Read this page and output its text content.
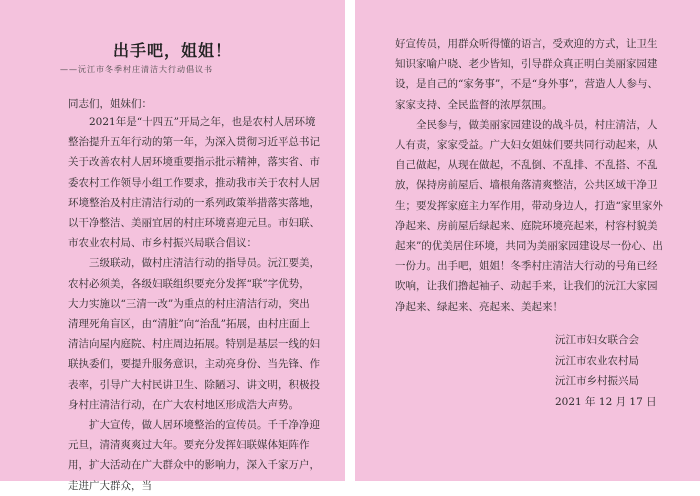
出手吧，姐姐！
——沅江市冬季村庄清洁大行动倡议书
同志们，姐妹们：

2021年是“十四五”开局之年，也是农村人居环境整治提升五年行动的第一年，为深入贯彻习近平总书记关于改善农村人居环境重要指示批示精神，落实省、市委农村工作领导小组工作要求，推动我市关于农村人居环境整治及村庄清洁行动的一系列政策举措落实落地，以干净整洁、美丽宜居的村庄环境喜迎元旦。市妇联、市农业农村局、市乡村振兴局联合倡议：

三级联动，做村庄清洁行动的指导员。沅江要美，农村必须美，各级妇联组织要充分发挥“联”字优势，大力实施以“三清一改”为重点的村庄清洁行动，突出清理死角盲区，由“清脏”向“治乱”拓展，由村庄面上清洁向屋内庭院、村庄周边拓展。特别是基层一线的妇联执委们，要提升服务意识，主动亮身份、当先锋、作表率，引导广大村民讲卫生、除陋习、讲文明，积极投身村庄清洁行动，在广大农村地区形成浩大声势。

扩大宣传，做人居环境整治的宣传员。千千净净迎元旦，清清爽爽过大年。要充分发挥妇联媒体矩阵作用，扩大活动在广大群众中的影响力，深入千家万户，走进广大群众，当

好宣传员，用群众听得懂的语言，受欢迎的方式，让卫生知识家喻户晓、老少皆知，引导群众真正明白美丽家园建设，是自己的“家务事”，不是“身外事”，营造人人参与、家家支持、全民监督的浓厚氛围。

全民参与，做美丽家园建设的战斗员，村庄清洁，人人有责，家家受益。广大妇女姐妹们要共同行动起来，从自己做起，从现在做起，不乱倒、不乱排、不乱搭、不乱放，保持房前屋后、墙根角落清爽整洁，公共区域干净卫生；要发挥家庭主力军作用，带动身边人，打造“家里家外净起来、房前屋后绿起来、庭院环境亮起来，村容村貌美起来”的优美居住环境，共同为美丽家园建设尽一份心、出一份力。出手吧，姐姐！冬季村庄清洁大行动的号角已经吹响，让我们撸起袖子、动起手来，让我们的沅江大家园净起来、绿起来、亮起来、美起来！

沅江市妇女联合会
沅江市农业农村局
沅江市乡村振兴局
2021 年 12 月 17 日
